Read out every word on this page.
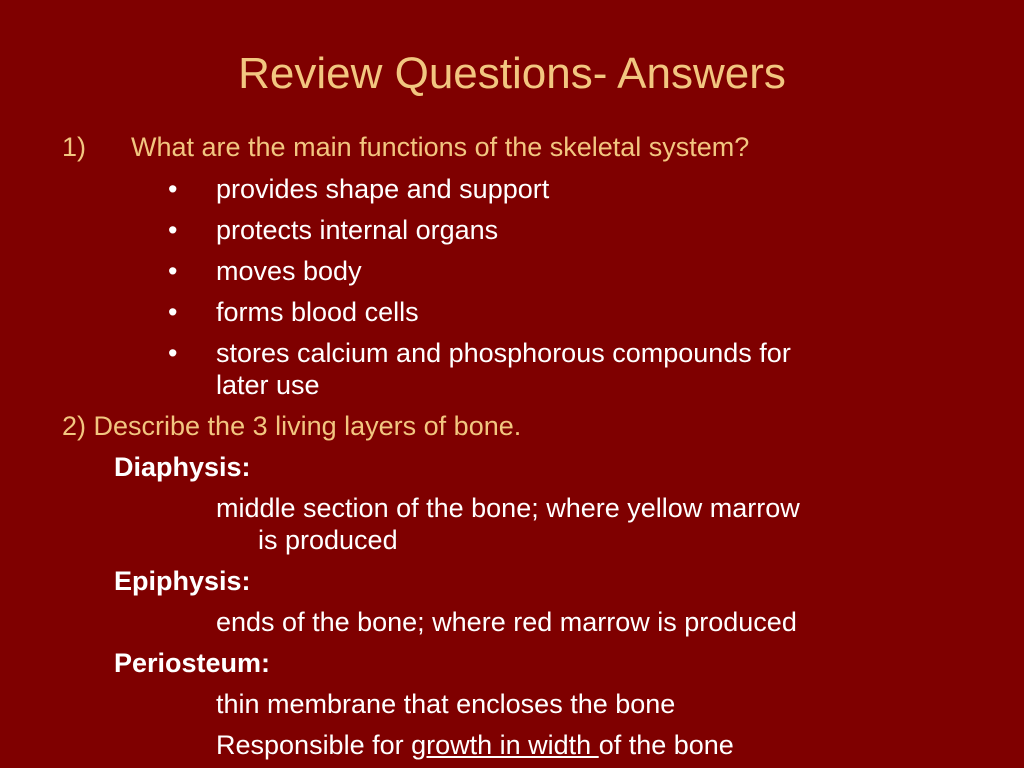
Review Questions- Answers

1) What are the main functions of the skeletal system?

• provides shape and support

• protects internal organs

• moves body

• forms blood cells

• stores calcium and phosphorous compounds for

later use

2) Describe the 3 living layers of bone.

Diaphysis:

middle section of the bone; where yellow marrow

is produced

Epiphysis:

ends of the bone; where red marrow is produced

Periosteum:

thin membrane that encloses the bone

Responsible for growth in width of the bone
